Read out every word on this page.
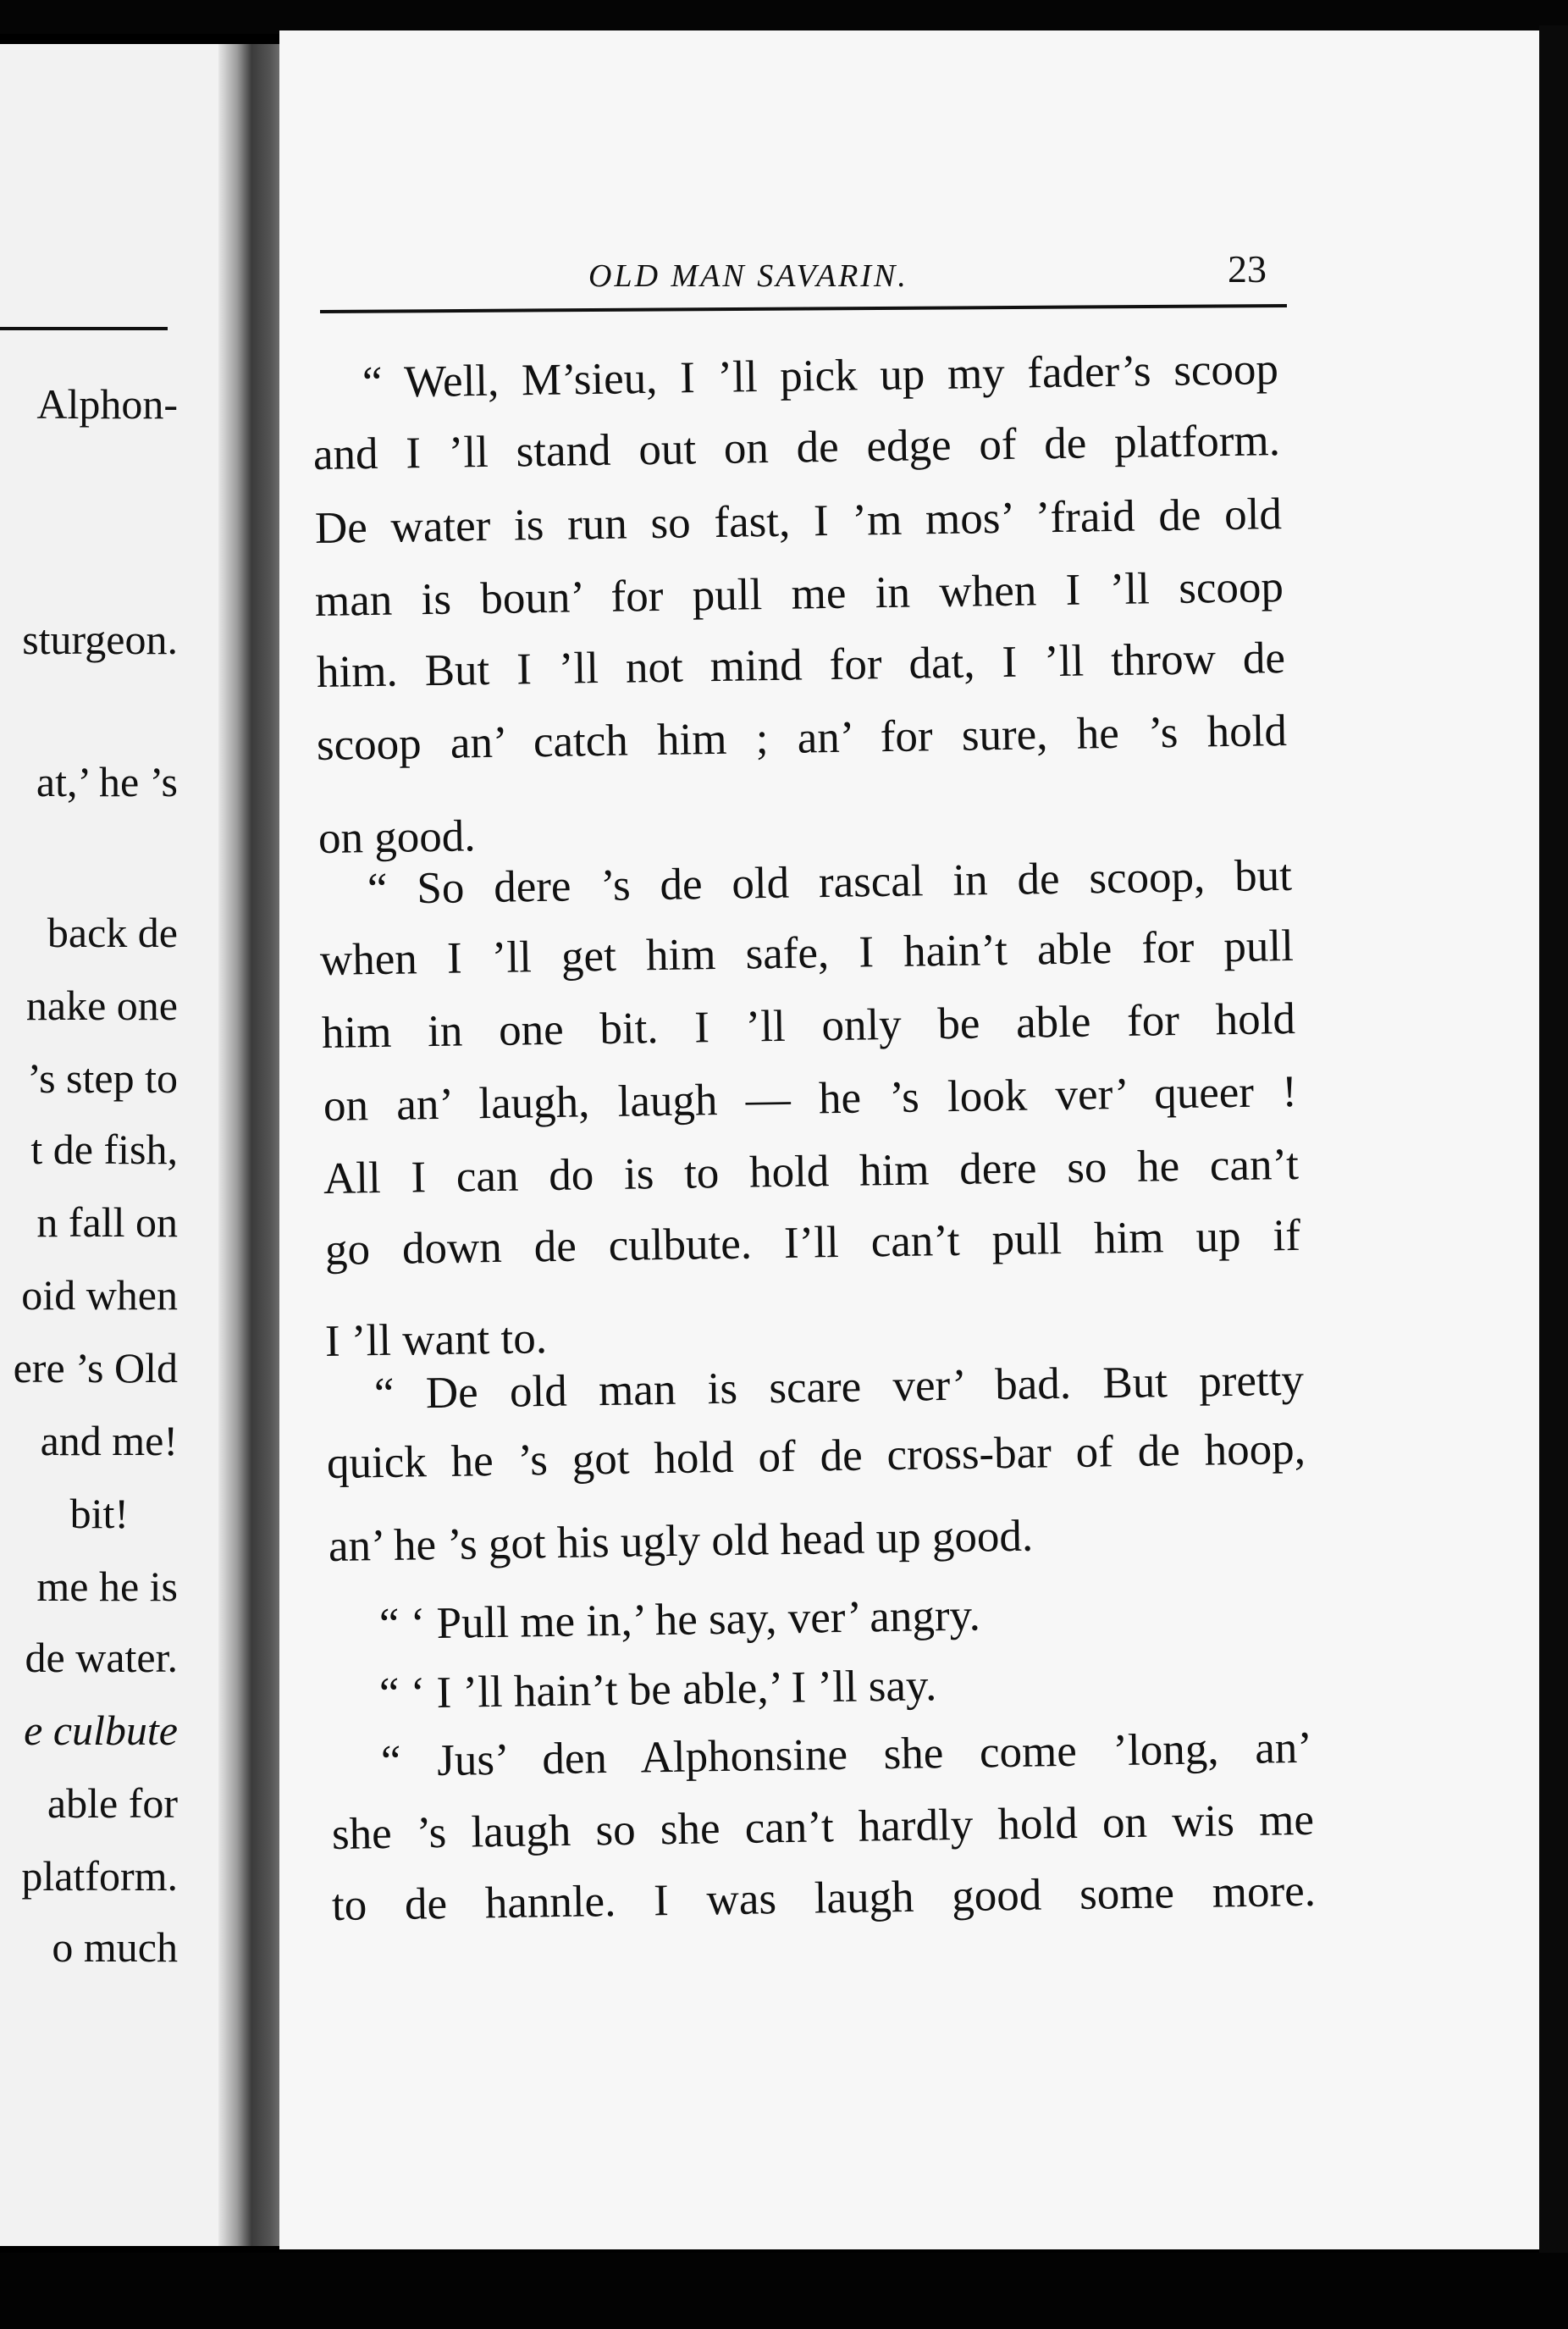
Alphon-
sturgeon.
at,’ he ’s
back de
nake one
’s step to
t de fish,
n fall on
oid when
ere ’s Old
and me!
bit!
me he is
de water.
e culbute
able for
platform.
o much
OLD MAN SAVARIN.	23
“ Well, M’sieu, I ’ll pick up my fader’s scoop
and I ’ll stand out on de edge of de platform.
De water is run so fast, I ’m mos’ ’fraid de old
man is boun’ for pull me in when I ’ll scoop
him. But I ’ll not mind for dat, I ’ll throw de
scoop an’ catch him ; an’ for sure, he ’s hold
on good.
“ So dere ’s de old rascal in de scoop, but
when I ’ll get him safe, I hain’t able for pull
him in one bit. I ’ll only be able for hold
on an’ laugh, laugh — he ’s look ver’ queer !
All I can do is to hold him dere so he can’t
go down de culbute. I’ll can’t pull him up if
I ’ll want to.
“ De old man is scare ver’ bad. But pretty
quick he ’s got hold of de cross-bar of de hoop,
an’ he ’s got his ugly old head up good.
“ ‘ Pull me in,’ he say, ver’ angry.
“ ‘ I ’ll hain’t be able,’ I ’ll say.
“ Jus’ den Alphonsine she come ’long, an’
she ’s laugh so she can’t hardly hold on wis me
to de hannle. I was laugh good some more.
